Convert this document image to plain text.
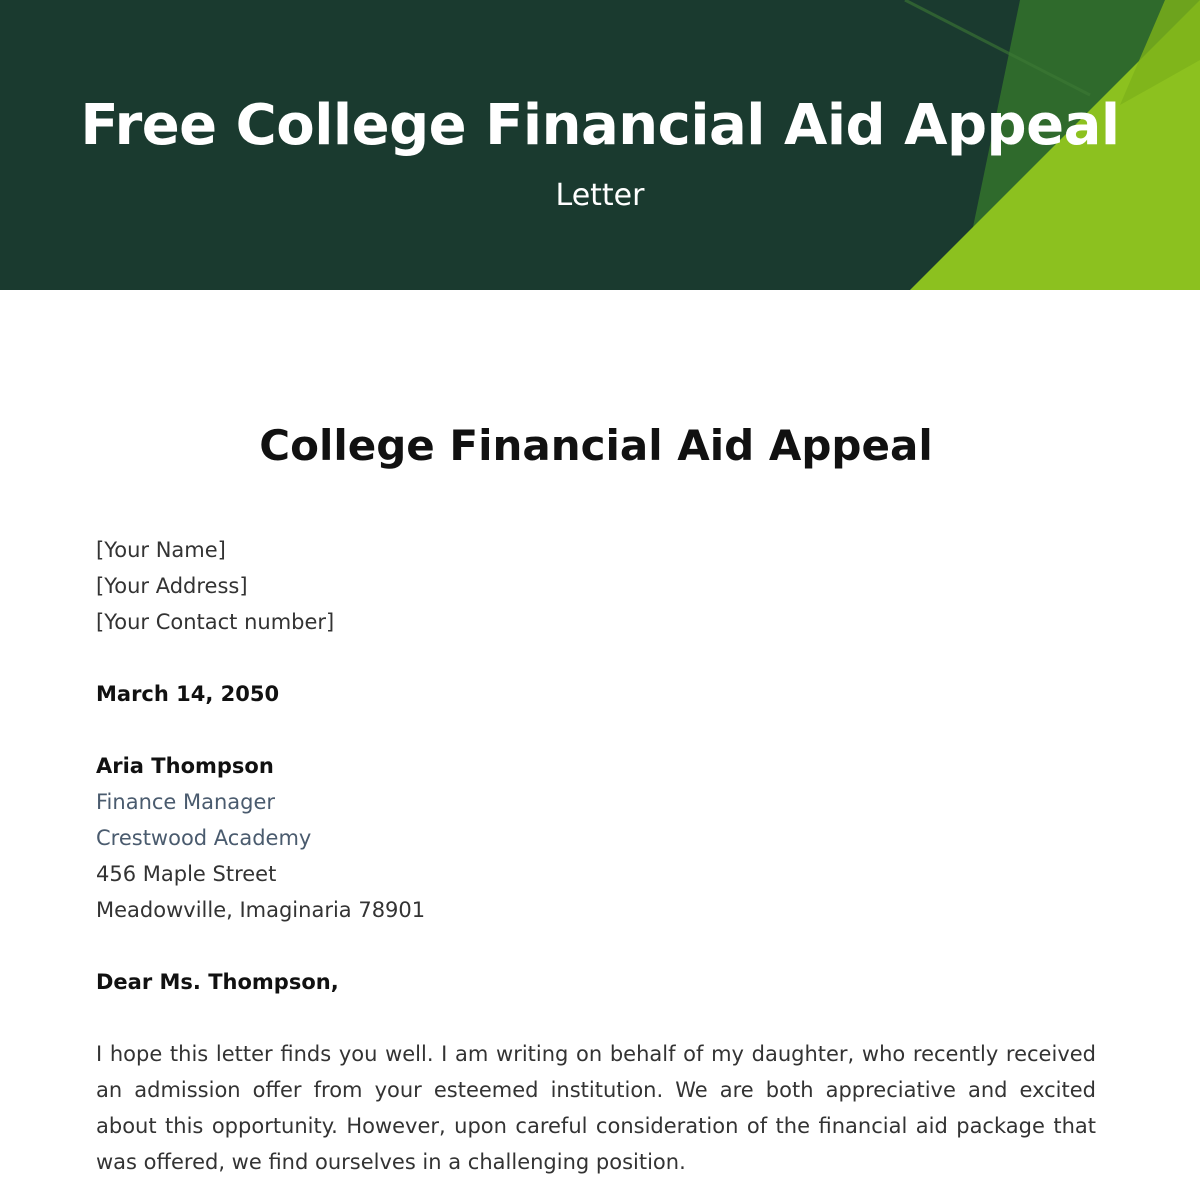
Free College Financial Aid Appeal
Letter
College Financial Aid Appeal
[Your Name]
[Your Address]
[Your Contact number]
March 14, 2050
Aria Thompson
Finance Manager
Crestwood Academy
456 Maple Street
Meadowville, Imaginaria 78901
Dear Ms. Thompson,

I hope this letter finds you well. I am writing on behalf of my daughter, who recently received an admission offer from your esteemed institution. We are both appreciative and excited about this opportunity. However, upon careful consideration of the financial aid package that was offered, we find ourselves in a challenging position.
